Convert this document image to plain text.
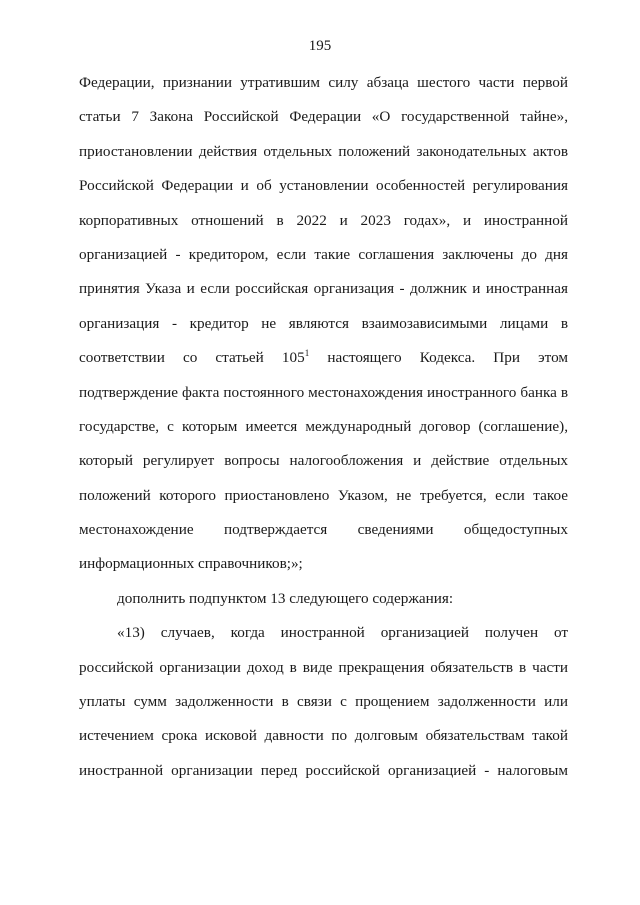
195
Федерации, признании утратившим силу абзаца шестого части первой
статьи 7 Закона Российской Федерации «О государственной тайне»,
приостановлении действия отдельных положений законодательных актов
Российской Федерации и об установлении особенностей регулирования
корпоративных отношений в 2022 и 2023 годах», и иностранной
организацией - кредитором, если такие соглашения заключены до дня
принятия Указа и если российская организация - должник и иностранная
организация - кредитор не являются взаимозависимыми лицами в
соответствии со статьей $105^1$ настоящего Кодекса. При этом
подтверждение факта постоянного местонахождения иностранного банка в
государстве, с которым имеется международный договор (соглашение),
который регулирует вопросы налогообложения и действие отдельных
положений которого приостановлено Указом, не требуется, если такое
местонахождение подтверждается сведениями общедоступных
информационных справочников;»;
дополнить подпунктом 13 следующего содержания:
«13) случаев, когда иностранной организацией получен от
российской организации доход в виде прекращения обязательств в части
уплаты сумм задолженности в связи с прощением задолженности или
истечением срока исковой давности по долговым обязательствам такой
иностранной организации перед российской организацией - налоговым
